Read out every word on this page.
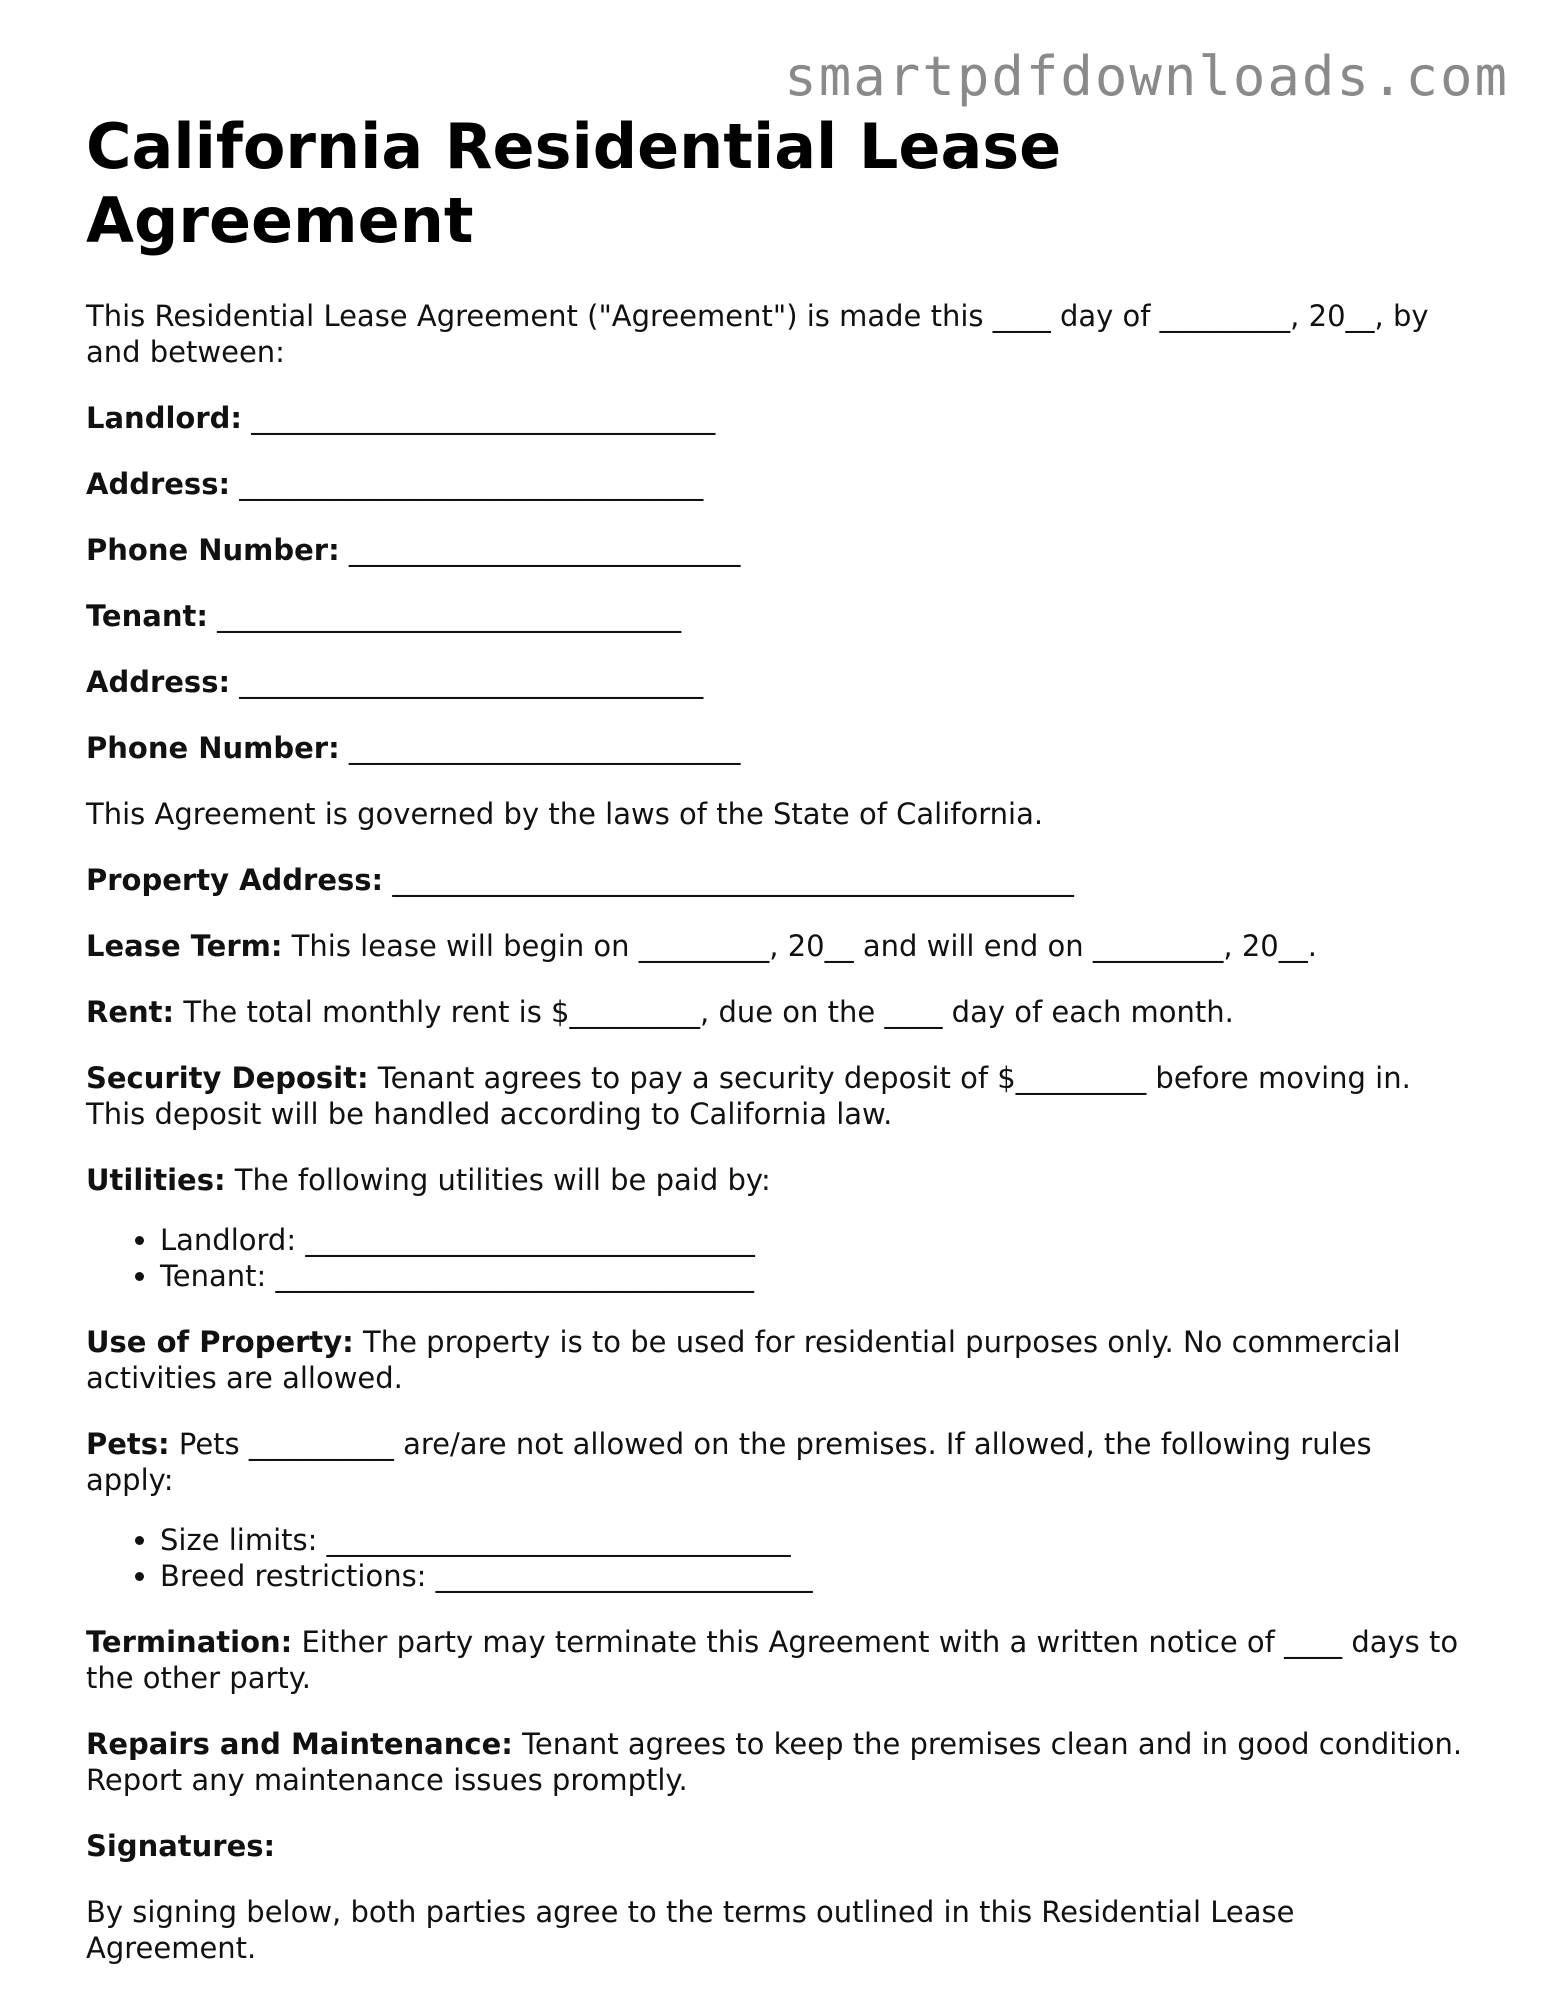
smartpdfdownloads.com
California Residential Lease Agreement

This Residential Lease Agreement ("Agreement") is made this ____ day of _________, 20__, by and between:

Landlord: ________________________________

Address: ________________________________

Phone Number: ___________________________

Tenant: ________________________________

Address: ________________________________

Phone Number: ___________________________

This Agreement is governed by the laws of the State of California.

Property Address: _______________________________________________

Lease Term: This lease will begin on _________, 20__ and will end on _________, 20__.

Rent: The total monthly rent is $_________, due on the ____ day of each month.

Security Deposit: Tenant agrees to pay a security deposit of $_________ before moving in. This deposit will be handled according to California law.

Utilities: The following utilities will be paid by:

• Landlord: _______________________________
• Tenant: _________________________________

Use of Property: The property is to be used for residential purposes only. No commercial activities are allowed.

Pets: Pets __________ are/are not allowed on the premises. If allowed, the following rules apply:

• Size limits: ________________________________
• Breed restrictions: __________________________

Termination: Either party may terminate this Agreement with a written notice of ____ days to the other party.

Repairs and Maintenance: Tenant agrees to keep the premises clean and in good condition. Report any maintenance issues promptly.

Signatures:

By signing below, both parties agree to the terms outlined in this Residential Lease Agreement.
